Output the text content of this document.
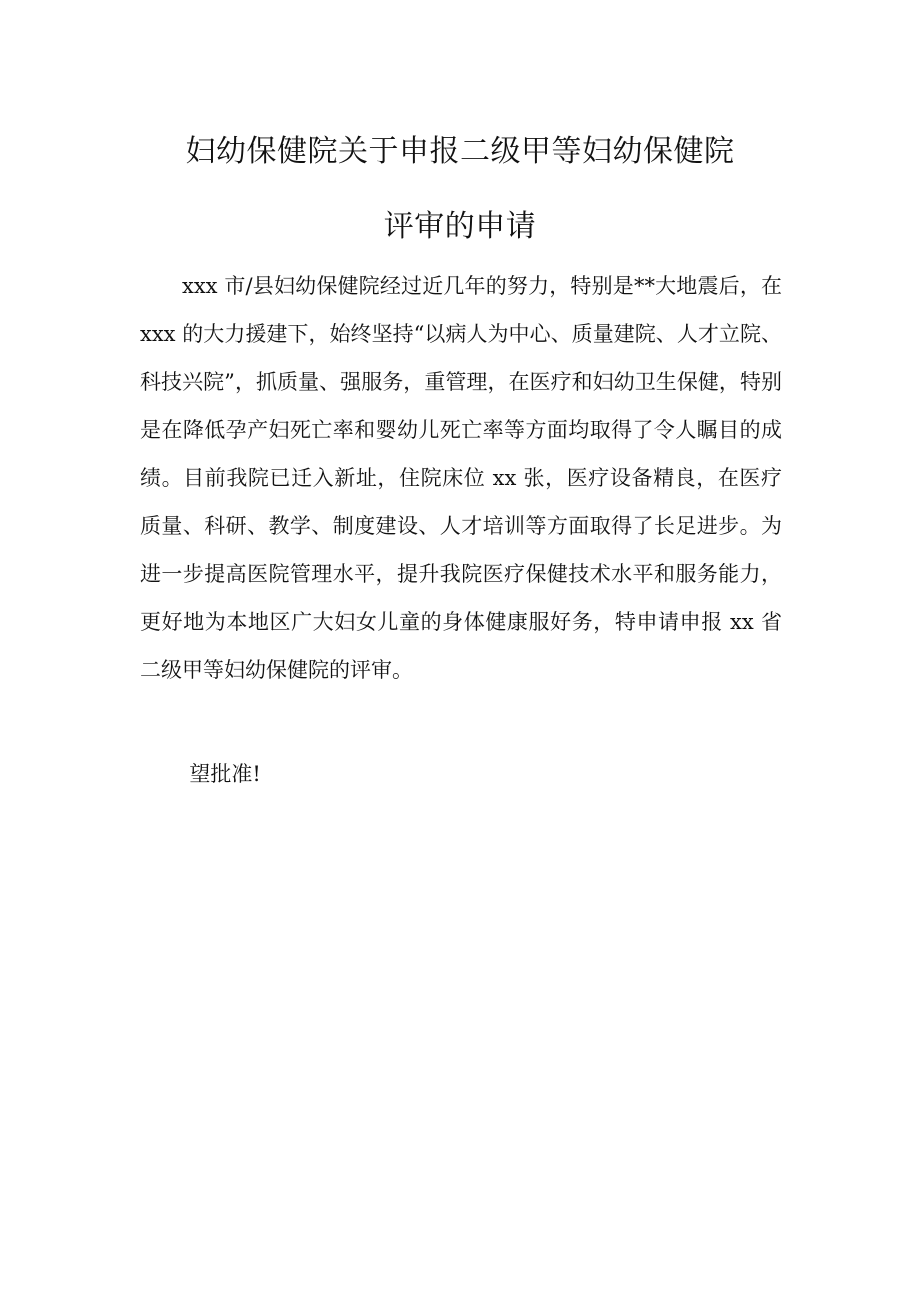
妇幼保健院关于申报二级甲等妇幼保健院
评审的申请

xxx 市/县妇幼保健院经过近几年的努力，特别是**大地震后，在 xxx 的大力援建下，始终坚持“以病人为中心、质量建院、人才立院、科技兴院”，抓质量、强服务，重管理，在医疗和妇幼卫生保健，特别是在降低孕产妇死亡率和婴幼儿死亡率等方面均取得了令人瞩目的成绩。目前我院已迁入新址，住院床位 xx 张，医疗设备精良，在医疗质量、科研、教学、制度建设、人才培训等方面取得了长足进步。为进一步提高医院管理水平，提升我院医疗保健技术水平和服务能力，更好地为本地区广大妇女儿童的身体健康服好务，特申请申报 xx 省二级甲等妇幼保健院的评审。

望批准!
